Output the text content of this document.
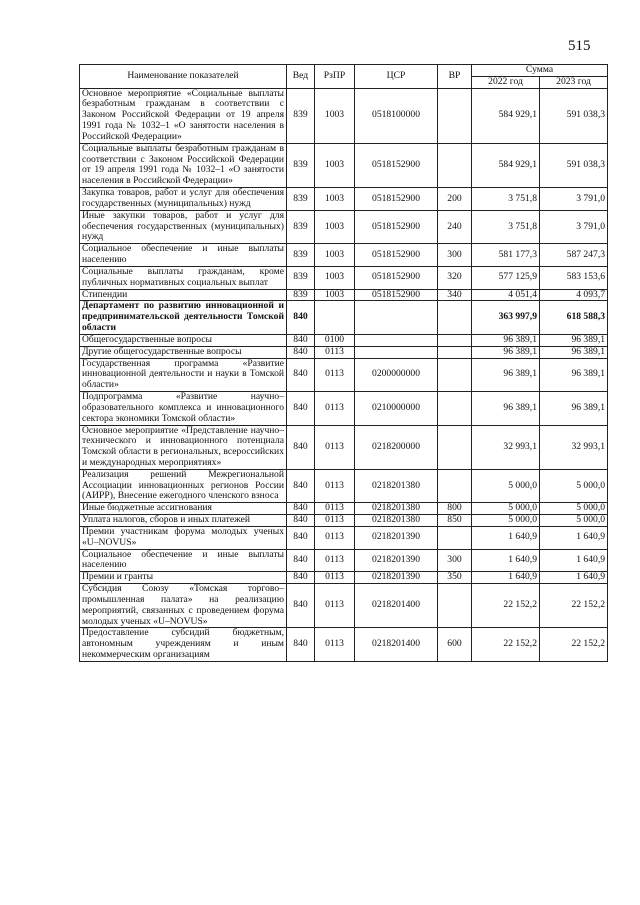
515
Наименование показателей	Вед	РзПР	ЦСР	ВР	Сумма	
					2022 год	2023 год
Основное мероприятие «Социальные выплаты безработным гражданам в соответствии с Законом Российской Федерации от 19 апреля 1991 года № 1032–1 «О занятости населения в Российской Федерации»	839	1003	0518100000		584 929,1	591 038,3
Социальные выплаты безработным гражданам в соответствии с Законом Российской Федерации от 19 апреля 1991 года № 1032–1 «О занятости населения в Российской Федерации»	839	1003	0518152900		584 929,1	591 038,3
Закупка товаров, работ и услуг для обеспечения государственных (муниципальных) нужд	839	1003	0518152900	200	3 751,8	3 791,0
Иные закупки товаров, работ и услуг для обеспечения государственных (муниципальных) нужд	839	1003	0518152900	240	3 751,8	3 791,0
Социальное обеспечение и иные выплаты населению	839	1003	0518152900	300	581 177,3	587 247,3
Социальные выплаты гражданам, кроме публичных нормативных социальных выплат	839	1003	0518152900	320	577 125,9	583 153,6
Стипендии	839	1003	0518152900	340	4 051,4	4 093,7
Департамент по развитию инновационной и предпринимательской деятельности Томской области	840				363 997,9	618 588,3
Общегосударственные вопросы	840	0100			96 389,1	96 389,1
Другие общегосударственные вопросы	840	0113			96 389,1	96 389,1
Государственная программа «Развитие инновационной деятельности и науки в Томской области»	840	0113	0200000000		96 389,1	96 389,1
Подпрограмма «Развитие научно–образовательного комплекса и инновационного сектора экономики Томской области»	840	0113	0210000000		96 389,1	96 389,1
Основное мероприятие «Представление научно–технического и инновационного потенциала Томской области в региональных, всероссийских и международных мероприятиях»	840	0113	0218200000		32 993,1	32 993,1
Реализация решений Межрегиональной Ассоциации инновационных регионов России (АИРР), Внесение ежегодного членского взноса	840	0113	0218201380		5 000,0	5 000,0
Иные бюджетные ассигнования	840	0113	0218201380	800	5 000,0	5 000,0
Уплата налогов, сборов и иных платежей	840	0113	0218201380	850	5 000,0	5 000,0
Премии участникам форума молодых ученых «U–NOVUS»	840	0113	0218201390		1 640,9	1 640,9
Социальное обеспечение и иные выплаты населению	840	0113	0218201390	300	1 640,9	1 640,9
Премии и гранты	840	0113	0218201390	350	1 640,9	1 640,9
Субсидия Союзу «Томская торгово–промышленная палата» на реализацию мероприятий, связанных с проведением форума молодых ученых «U–NOVUS»	840	0113	0218201400		22 152,2	22 152,2
Предоставление субсидий бюджетным, автономным учреждениям и иным некоммерческим организациям	840	0113	0218201400	600	22 152,2	22 152,2
